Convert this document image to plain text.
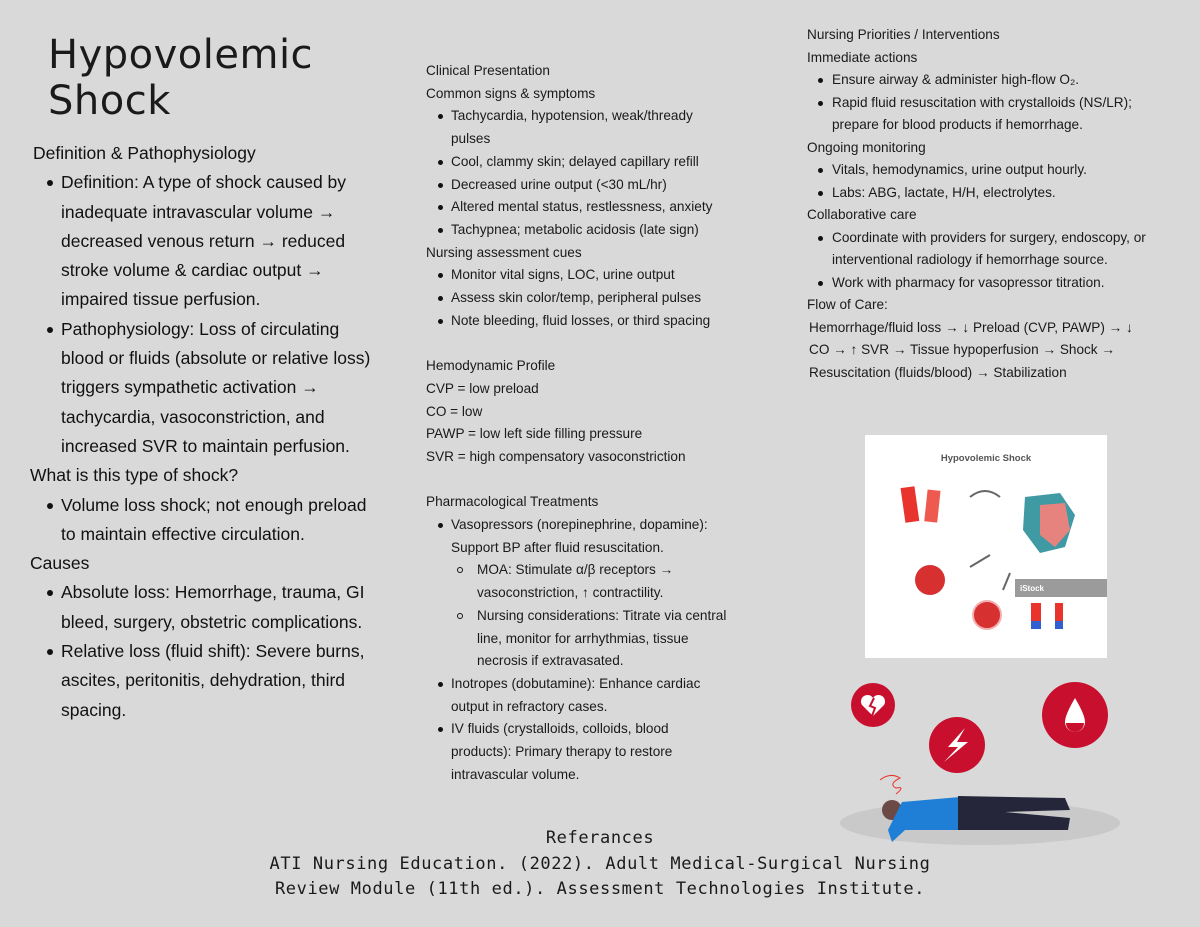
Hypovolemic
Shock
Definition & Pathophysiology
Definition: A type of shock caused by inadequate intravascular volume → decreased venous return → reduced stroke volume & cardiac output → impaired tissue perfusion.
Pathophysiology: Loss of circulating blood or fluids (absolute or relative loss) triggers sympathetic activation → tachycardia, vasoconstriction, and increased SVR to maintain perfusion.
What is this type of shock?
Volume loss shock; not enough preload to maintain effective circulation.
Causes
Absolute loss: Hemorrhage, trauma, GI bleed, surgery, obstetric complications.
Relative loss (fluid shift): Severe burns, ascites, peritonitis, dehydration, third spacing.
Clinical Presentation
Common signs & symptoms
Tachycardia, hypotension, weak/thready pulses
Cool, clammy skin; delayed capillary refill
Decreased urine output (<30 mL/hr)
Altered mental status, restlessness, anxiety
Tachypnea; metabolic acidosis (late sign)
Nursing assessment cues
Monitor vital signs, LOC, urine output
Assess skin color/temp, peripheral pulses
Note bleeding, fluid losses, or third spacing
Hemodynamic Profile
CVP = low preload
CO = low
PAWP = low left side filling pressure
SVR = high compensatory vasoconstriction
Pharmacological Treatments
Vasopressors (norepinephrine, dopamine): Support BP after fluid resuscitation.
MOA: Stimulate α/β receptors → vasoconstriction, ↑ contractility.
Nursing considerations: Titrate via central line, monitor for arrhythmias, tissue necrosis if extravasated.
Inotropes (dobutamine): Enhance cardiac output in refractory cases.
IV fluids (crystalloids, colloids, blood products): Primary therapy to restore intravascular volume.
Nursing Priorities / Interventions
Immediate actions
Ensure airway & administer high-flow O₂.
Rapid fluid resuscitation with crystalloids (NS/LR); prepare for blood products if hemorrhage.
Ongoing monitoring
Vitals, hemodynamics, urine output hourly.
Labs: ABG, lactate, H/H, electrolytes.
Collaborative care
Coordinate with providers for surgery, endoscopy, or interventional radiology if hemorrhage source.
Work with pharmacy for vasopressor titration.
Flow of Care:
Hemorrhage/fluid loss → ↓ Preload (CVP, PAWP) → ↓ CO → ↑ SVR → Tissue hypoperfusion → Shock → Resuscitation (fluids/blood) → Stabilization
Hypovolemic Shock
iStock
Referances
ATI Nursing Education. (2022). Adult Medical-Surgical Nursing Review Module (11th ed.). Assessment Technologies Institute.
